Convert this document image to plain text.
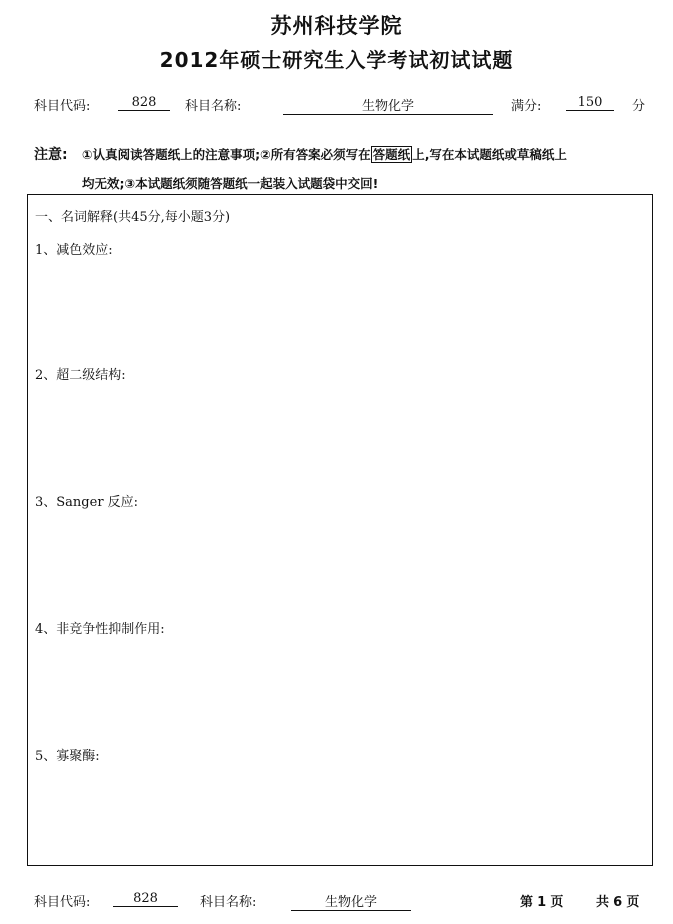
苏州科技学院
2012年硕士研究生入学考试初试试题
科目代码:	828	科目名称:	生物化学	满分:	150	分
注意: ①认真阅读答题纸上的注意事项;②所有答案必须写在 答题纸 上,写在本试题纸或草稿纸上
均无效;③本试题纸须随答题纸一起装入试题袋中交回!
一、名词解释(共45分,每小题3分)
1、减色效应:
2、超二级结构:
3、Sanger 反应:
4、非竞争性抑制作用:
5、寡聚酶:
科目代码:	828	科目名称:	生物化学	第 1 页	共 6 页
